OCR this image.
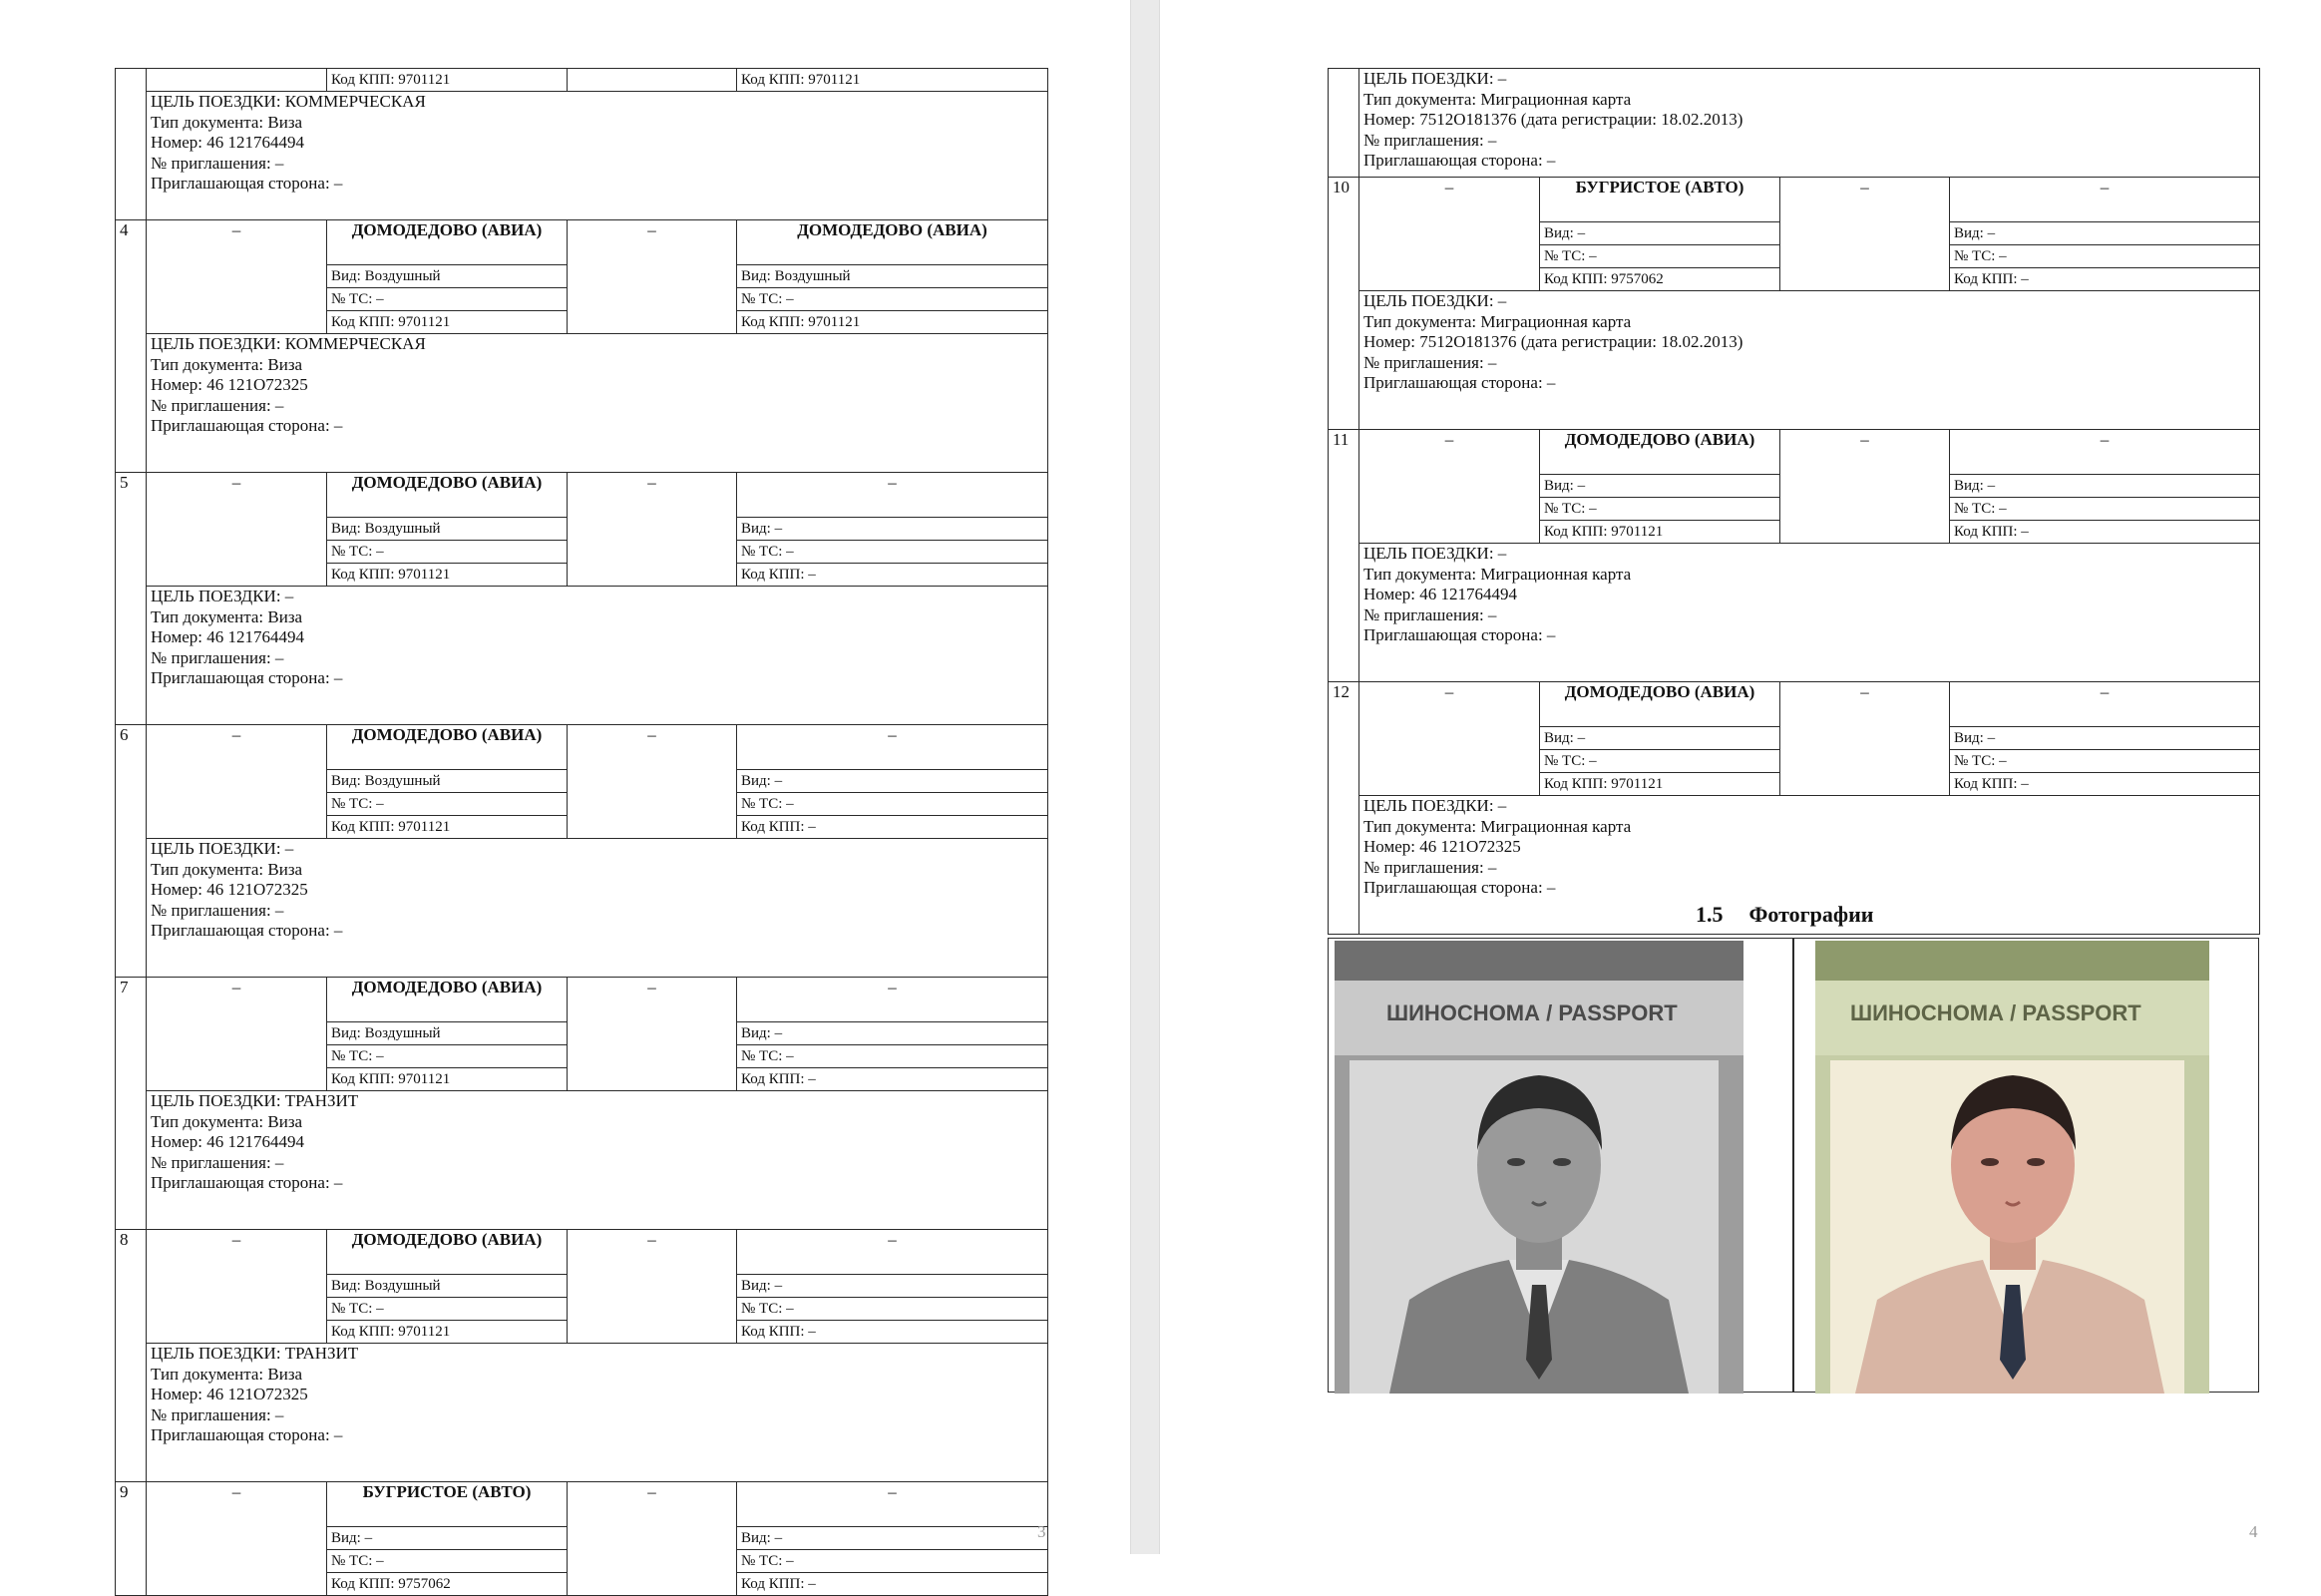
		Код КПП: 9701121		Код КПП: 9701121

	ЦЕЛЬ ПОЕЗДКИ: КОММЕРЧЕСКАЯ
Тип документа: Виза
Номер: 46 121764494
№ приглашения: –
Приглашающая сторона: –			

4	–	ДОМОДЕДОВО (АВИА)	–	ДОМОДЕДОВО (АВИА)
		Вид: Воздушный		Вид: Воздушный
		№ ТС: –		№ ТС: –
		Код КПП: 9701121		Код КПП: 9701121

	ЦЕЛЬ ПОЕЗДКИ: КОММЕРЧЕСКАЯ
Тип документа: Виза
Номер: 46 121О72325
№ приглашения: –
Приглашающая сторона: –			

5	–	ДОМОДЕДОВО (АВИА)	–	–
		Вид: Воздушный		Вид: –
		№ ТС: –		№ ТС: –
		Код КПП: 9701121		Код КПП: –

	ЦЕЛЬ ПОЕЗДКИ: –
Тип документа: Виза
Номер: 46 121764494
№ приглашения: –
Приглашающая сторона: –			

6	–	ДОМОДЕДОВО (АВИА)	–	–
		Вид: Воздушный		Вид: –
		№ ТС: –		№ ТС: –
		Код КПП: 9701121		Код КПП: –

	ЦЕЛЬ ПОЕЗДКИ: –
Тип документа: Виза
Номер: 46 121О72325
№ приглашения: –
Приглашающая сторона: –			

7	–	ДОМОДЕДОВО (АВИА)	–	–
		Вид: Воздушный		Вид: –
		№ ТС: –		№ ТС: –
		Код КПП: 9701121		Код КПП: –

	ЦЕЛЬ ПОЕЗДКИ: ТРАНЗИТ
Тип документа: Виза
Номер: 46 121764494
№ приглашения: –
Приглашающая сторона: –			

8	–	ДОМОДЕДОВО (АВИА)	–	–
		Вид: Воздушный		Вид: –
		№ ТС: –		№ ТС: –
		Код КПП: 9701121		Код КПП: –

	ЦЕЛЬ ПОЕЗДКИ: ТРАНЗИТ
Тип документа: Виза
Номер: 46 121О72325
№ приглашения: –
Приглашающая сторона: –			

9	–	БУГРИСТОЕ (АВТО)	–	–
		Вид: –		Вид: –
		№ ТС: –		№ ТС: –
		Код КПП: 9757062		Код КПП: –
3

	ЦЕЛЬ ПОЕЗДКИ: –
Тип документа: Миграционная карта
Номер: 7512О181376 (дата регистрации: 18.02.2013)
№ приглашения: –
Приглашающая сторона: –			

10	–	БУГРИСТОЕ (АВТО)	–	–
		Вид: –		Вид: –
		№ ТС: –		№ ТС: –
		Код КПП: 9757062		Код КПП: –

	ЦЕЛЬ ПОЕЗДКИ: –
Тип документа: Миграционная карта
Номер: 7512О181376 (дата регистрации: 18.02.2013)
№ приглашения: –
Приглашающая сторона: –			

11	–	ДОМОДЕДОВО (АВИА)	–	–
		Вид: –		Вид: –
		№ ТС: –		№ ТС: –
		Код КПП: 9701121		Код КПП: –

	ЦЕЛЬ ПОЕЗДКИ: –
Тип документа: Миграционная карта
Номер: 46 121764494
№ приглашения: –
Приглашающая сторона: –			

12	–	ДОМОДЕДОВО (АВИА)	–	–
		Вид: –		Вид: –
		№ ТС: –		№ ТС: –
		Код КПП: 9701121		Код КПП: –

	ЦЕЛЬ ПОЕЗДКИ: –
Тип документа: Миграционная карта
Номер: 46 121О72325
№ приглашения: –
Приглашающая сторона: –			
4
1.5 Фотографии
ШИНОСНОМА / PASSPORT	ШИНОСНОМА / PASSPORT
